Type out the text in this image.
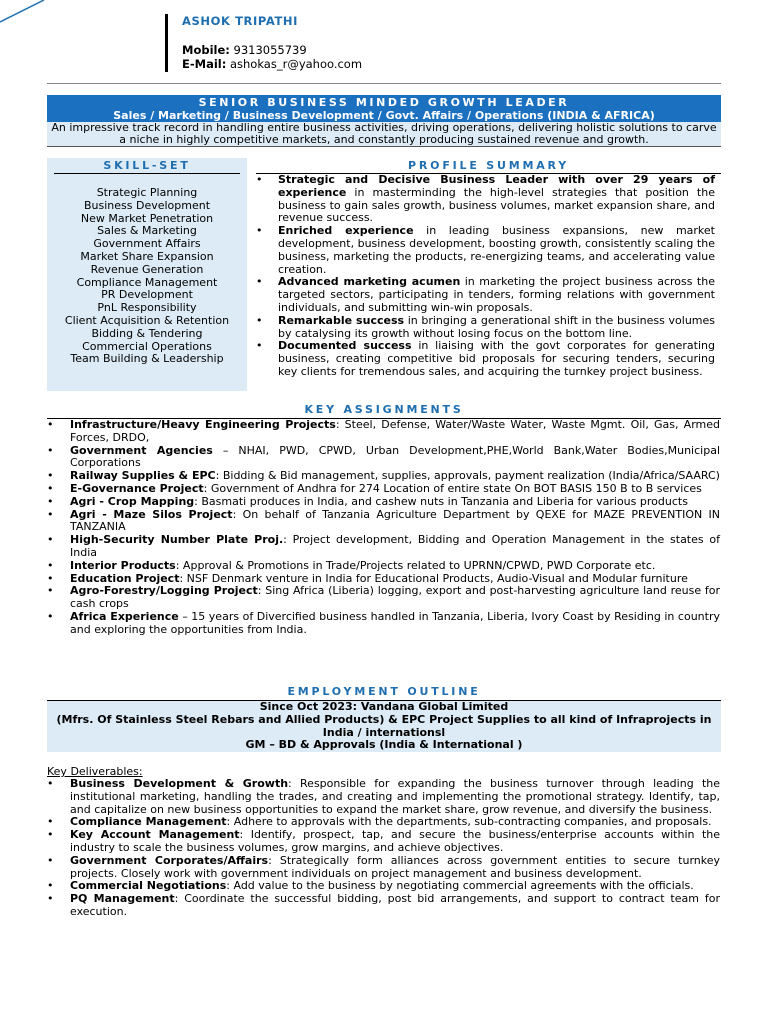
ASHOK TRIPATHI
Mobile: 9313055739
E-Mail: ashokas_r@yahoo.com
SENIOR BUSINESS MINDED GROWTH LEADER
Sales / Marketing / Business Development / Govt. Affairs / Operations (INDIA & AFRICA)
An impressive track record in handling entire business activities, driving operations, delivering holistic solutions to carve a niche in highly competitive markets, and constantly producing sustained revenue and growth.
SKILL-SET
Strategic Planning
Business Development
New Market Penetration
Sales & Marketing
Government Affairs
Market Share Expansion
Revenue Generation
Compliance Management
PR Development
PnL Responsibility
Client Acquisition & Retention
Bidding & Tendering
Commercial Operations
Team Building & Leadership
PROFILE SUMMARY
• Strategic and Decisive Business Leader with over 29 years of experience in masterminding the high-level strategies that position the business to gain sales growth, business volumes, market expansion share, and revenue success.
• Enriched experience in leading business expansions, new market development, business development, boosting growth, consistently scaling the business, marketing the products, re-energizing teams, and accelerating value creation.
• Advanced marketing acumen in marketing the project business across the targeted sectors, participating in tenders, forming relations with government individuals, and submitting win-win proposals.
• Remarkable success in bringing a generational shift in the business volumes by catalysing its growth without losing focus on the bottom line.
• Documented success in liaising with the govt corporates for generating business, creating competitive bid proposals for securing tenders, securing key clients for tremendous sales, and acquiring the turnkey project business.
KEY ASSIGNMENTS
• Infrastructure/Heavy Engineering Projects: Steel, Defense, Water/Waste Water, Waste Mgmt. Oil, Gas, Armed Forces, DRDO,
• Government Agencies – NHAI, PWD, CPWD, Urban Development,PHE,World Bank,Water Bodies,Municipal Corporations
• Railway Supplies & EPC: Bidding & Bid management, supplies, approvals, payment realization (India/Africa/SAARC)
• E-Governance Project: Government of Andhra for 274 Location of entire state On BOT BASIS 150 B to B services
• Agri - Crop Mapping: Basmati produces in India, and cashew nuts in Tanzania and Liberia for various products
• Agri - Maze Silos Project: On behalf of Tanzania Agriculture Department by QEXE for MAZE PREVENTION IN TANZANIA
• High-Security Number Plate Proj.: Project development, Bidding and Operation Management in the states of India
• Interior Products: Approval & Promotions in Trade/Projects related to UPRNN/CPWD, PWD Corporate etc.
• Education Project: NSF Denmark venture in India for Educational Products, Audio-Visual and Modular furniture
• Agro-Forestry/Logging Project: Sing Africa (Liberia) logging, export and post-harvesting agriculture land reuse for cash crops
• Africa Experience – 15 years of Divercified business handled in Tanzania, Liberia, Ivory Coast by Residing in country and exploring the opportunities from India.
EMPLOYMENT OUTLINE
Since Oct 2023: Vandana Global Limited
(Mfrs. Of Stainless Steel Rebars and Allied Products) & EPC Project Supplies to all kind of Infraprojects in India / internationsl
GM – BD & Approvals (India & International )
Key Deliverables:
• Business Development & Growth: Responsible for expanding the business turnover through leading the institutional marketing, handling the trades, and creating and implementing the promotional strategy. Identify, tap, and capitalize on new business opportunities to expand the market share, grow revenue, and diversify the business.
• Compliance Management: Adhere to approvals with the departments, sub-contracting companies, and proposals.
• Key Account Management: Identify, prospect, tap, and secure the business/enterprise accounts within the industry to scale the business volumes, grow margins, and achieve objectives.
• Government Corporates/Affairs: Strategically form alliances across government entities to secure turnkey projects. Closely work with government individuals on project management and business development.
• Commercial Negotiations: Add value to the business by negotiating commercial agreements with the officials.
• PQ Management: Coordinate the successful bidding, post bid arrangements, and support to contract team for execution.
